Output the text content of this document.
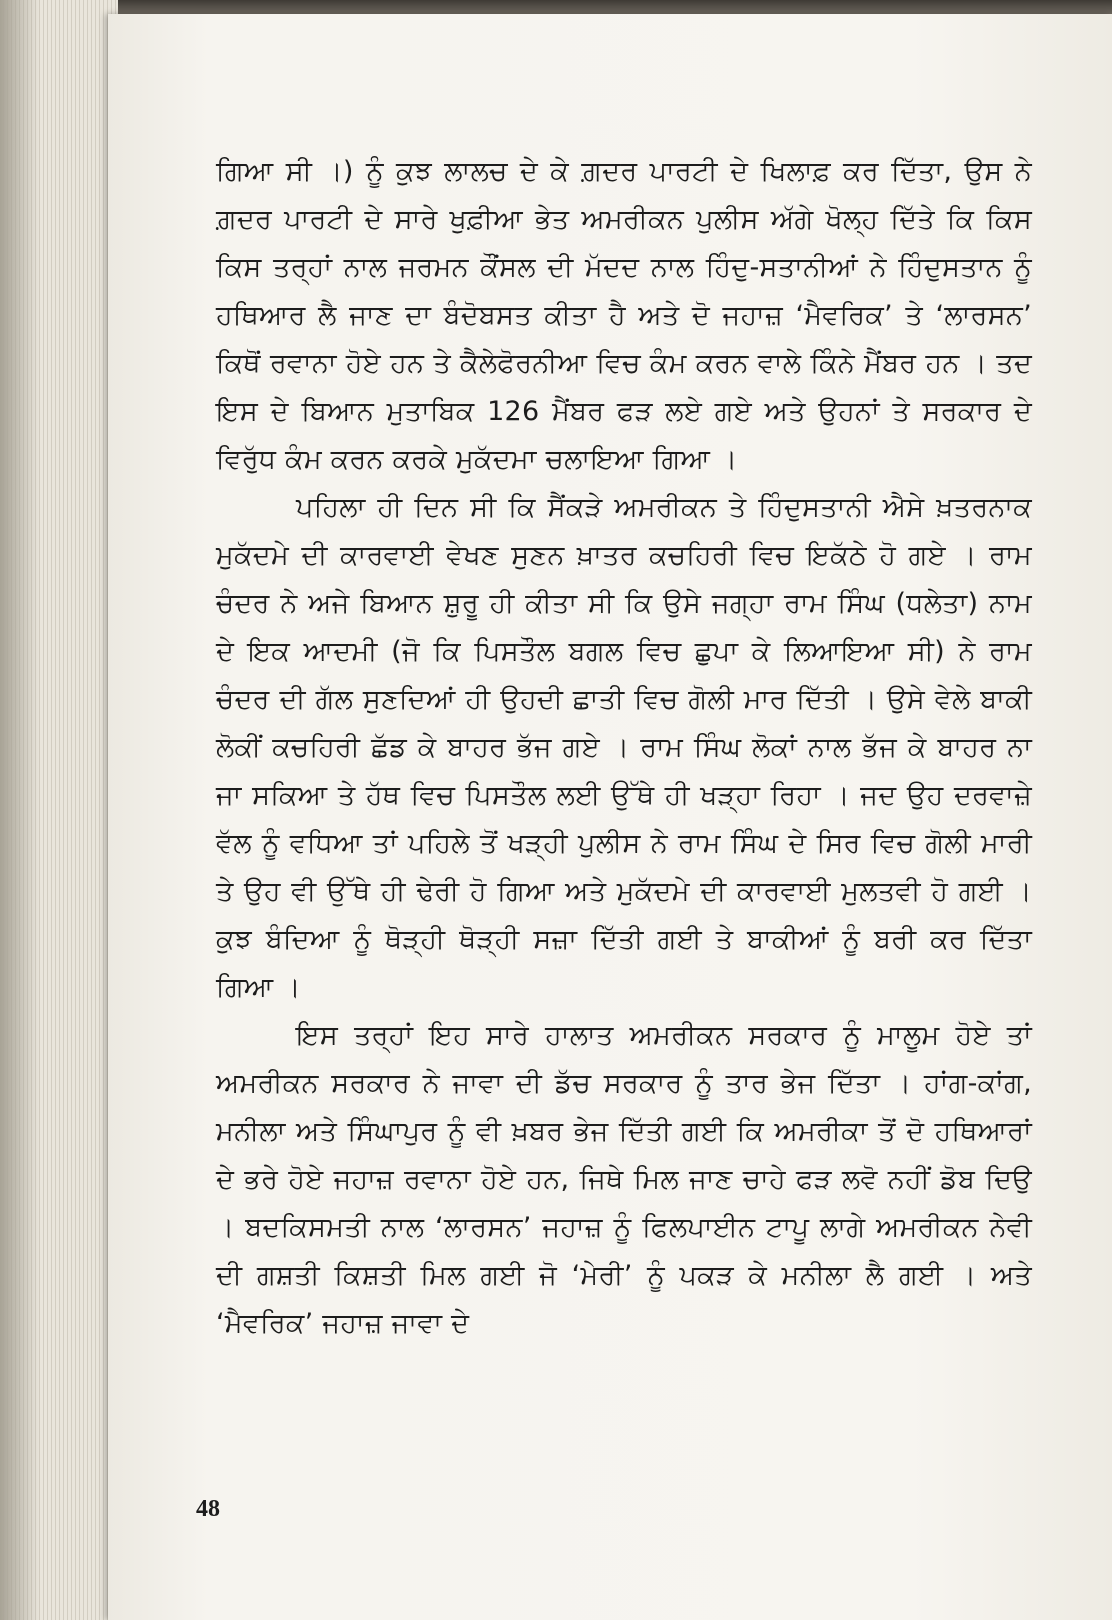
ਗਿਆ ਸੀ ।) ਨੂੰ ਕੁਝ ਲਾਲਚ ਦੇ ਕੇ ਗ਼ਦਰ ਪਾਰਟੀ ਦੇ ਖਿਲਾਫ਼ ਕਰ ਦਿੱਤਾ, ਉਸ ਨੇ ਗ਼ਦਰ ਪਾਰਟੀ ਦੇ ਸਾਰੇ ਖੁਫ਼ੀਆ ਭੇਤ ਅਮਰੀਕਨ ਪੁਲੀਸ ਅੱਗੇ ਖੋਲ੍ਹ ਦਿੱਤੇ ਕਿ ਕਿਸ ਕਿਸ ਤਰ੍ਹਾਂ ਨਾਲ ਜਰਮਨ ਕੌਂਸਲ ਦੀ ਮੱਦਦ ਨਾਲ ਹਿੰਦੁ-ਸਤਾਨੀਆਂ ਨੇ ਹਿੰਦੁਸਤਾਨ ਨੂੰ ਹਥਿਆਰ ਲੈ ਜਾਣ ਦਾ ਬੰਦੋਬਸਤ ਕੀਤਾ ਹੈ ਅਤੇ ਦੋ ਜਹਾਜ਼ ‘ਮੈਵਰਿਕ’ ਤੇ ‘ਲਾਰਸਨ’ ਕਿਥੋਂ ਰਵਾਨਾ ਹੋਏ ਹਨ ਤੇ ਕੈਲੇਫੋਰਨੀਆ ਵਿਚ ਕੰਮ ਕਰਨ ਵਾਲੇ ਕਿੰਨੇ ਮੈਂਬਰ ਹਨ । ਤਦ ਇਸ ਦੇ ਬਿਆਨ ਮੁਤਾਬਿਕ 126 ਮੈਂਬਰ ਫੜ ਲਏ ਗਏ ਅਤੇ ਉਹਨਾਂ ਤੇ ਸਰਕਾਰ ਦੇ ਵਿਰੁੱਧ ਕੰਮ ਕਰਨ ਕਰਕੇ ਮੁਕੱਦਮਾ ਚਲਾਇਆ ਗਿਆ ।

ਪਹਿਲਾ ਹੀ ਦਿਨ ਸੀ ਕਿ ਸੈਂਕੜੇ ਅਮਰੀਕਨ ਤੇ ਹਿੰਦੁਸਤਾਨੀ ਐਸੇ ਖ਼ਤਰਨਾਕ ਮੁਕੱਦਮੇ ਦੀ ਕਾਰਵਾਈ ਵੇਖਣ ਸੁਣਨ ਖ਼ਾਤਰ ਕਚਹਿਰੀ ਵਿਚ ਇਕੱਠੇ ਹੋ ਗਏ । ਰਾਮ ਚੰਦਰ ਨੇ ਅਜੇ ਬਿਆਨ ਸ਼ੁਰੂ ਹੀ ਕੀਤਾ ਸੀ ਕਿ ਉਸੇ ਜਗ੍ਹਾ ਰਾਮ ਸਿੰਘ (ਧਲੇਤਾ) ਨਾਮ ਦੇ ਇਕ ਆਦਮੀ (ਜੋ ਕਿ ਪਿਸਤੌਲ ਬਗਲ ਵਿਚ ਛੁਪਾ ਕੇ ਲਿਆਇਆ ਸੀ) ਨੇ ਰਾਮ ਚੰਦਰ ਦੀ ਗੱਲ ਸੁਣਦਿਆਂ ਹੀ ਉਹਦੀ ਛਾਤੀ ਵਿਚ ਗੋਲੀ ਮਾਰ ਦਿੱਤੀ । ਉਸੇ ਵੇਲੇ ਬਾਕੀ ਲੋਕੀਂ ਕਚਹਿਰੀ ਛੱਡ ਕੇ ਬਾਹਰ ਭੱਜ ਗਏ । ਰਾਮ ਸਿੰਘ ਲੋਕਾਂ ਨਾਲ ਭੱਜ ਕੇ ਬਾਹਰ ਨਾ ਜਾ ਸਕਿਆ ਤੇ ਹੱਥ ਵਿਚ ਪਿਸਤੌਲ ਲਈ ਉੱਥੇ ਹੀ ਖੜ੍ਹਾ ਰਿਹਾ । ਜਦ ਉਹ ਦਰਵਾਜ਼ੇ ਵੱਲ ਨੂੰ ਵਧਿਆ ਤਾਂ ਪਹਿਲੇ ਤੋਂ ਖੜ੍ਹੀ ਪੁਲੀਸ ਨੇ ਰਾਮ ਸਿੰਘ ਦੇ ਸਿਰ ਵਿਚ ਗੋਲੀ ਮਾਰੀ ਤੇ ਉਹ ਵੀ ਉੱਥੇ ਹੀ ਢੇਰੀ ਹੋ ਗਿਆ ਅਤੇ ਮੁਕੱਦਮੇ ਦੀ ਕਾਰਵਾਈ ਮੁਲਤਵੀ ਹੋ ਗਈ । ਕੁਝ ਬੰਦਿਆ ਨੂੰ ਥੋੜ੍ਹੀ ਥੋੜ੍ਹੀ ਸਜ਼ਾ ਦਿੱਤੀ ਗਈ ਤੇ ਬਾਕੀਆਂ ਨੂੰ ਬਰੀ ਕਰ ਦਿੱਤਾ ਗਿਆ ।

ਇਸ ਤਰ੍ਹਾਂ ਇਹ ਸਾਰੇ ਹਾਲਾਤ ਅਮਰੀਕਨ ਸਰਕਾਰ ਨੂੰ ਮਾਲੂਮ ਹੋਏ ਤਾਂ ਅਮਰੀਕਨ ਸਰਕਾਰ ਨੇ ਜਾਵਾ ਦੀ ਡੱਚ ਸਰਕਾਰ ਨੂੰ ਤਾਰ ਭੇਜ ਦਿੱਤਾ । ਹਾਂਗ-ਕਾਂਗ, ਮਨੀਲਾ ਅਤੇ ਸਿੰਘਾਪੁਰ ਨੂੰ ਵੀ ਖ਼ਬਰ ਭੇਜ ਦਿੱਤੀ ਗਈ ਕਿ ਅਮਰੀਕਾ ਤੋਂ ਦੋ ਹਥਿਆਰਾਂ ਦੇ ਭਰੇ ਹੋਏ ਜਹਾਜ਼ ਰਵਾਨਾ ਹੋਏ ਹਨ, ਜਿਥੇ ਮਿਲ ਜਾਣ ਚਾਹੇ ਫੜ ਲਵੋ ਨਹੀਂ ਡੋਬ ਦਿਉ । ਬਦਕਿਸਮਤੀ ਨਾਲ ‘ਲਾਰਸਨ’ ਜਹਾਜ਼ ਨੂੰ ਫਿਲਪਾਈਨ ਟਾਪੂ ਲਾਗੇ ਅਮਰੀਕਨ ਨੇਵੀ ਦੀ ਗਸ਼ਤੀ ਕਿਸ਼ਤੀ ਮਿਲ ਗਈ ਜੋ ‘ਮੇਰੀ’ ਨੂੰ ਪਕੜ ਕੇ ਮਨੀਲਾ ਲੈ ਗਈ । ਅਤੇ ‘ਮੈਵਰਿਕ’ ਜਹਾਜ਼ ਜਾਵਾ ਦੇ

48
